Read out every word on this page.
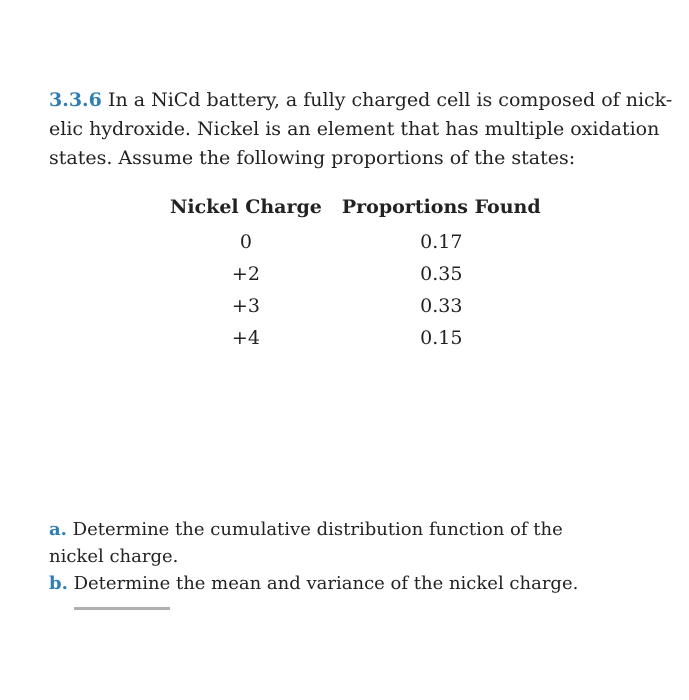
3.3.6 In a NiCd battery, a fully charged cell is composed of nick-
elic hydroxide. Nickel is an element that has multiple oxidation
states. Assume the following proportions of the states:
Nickel Charge	Proportions Found
0	0.17
+2	0.35
+3	0.33
+4	0.15
a. Determine the cumulative distribution function of the
nickel charge.
b. Determine the mean and variance of the nickel charge.
